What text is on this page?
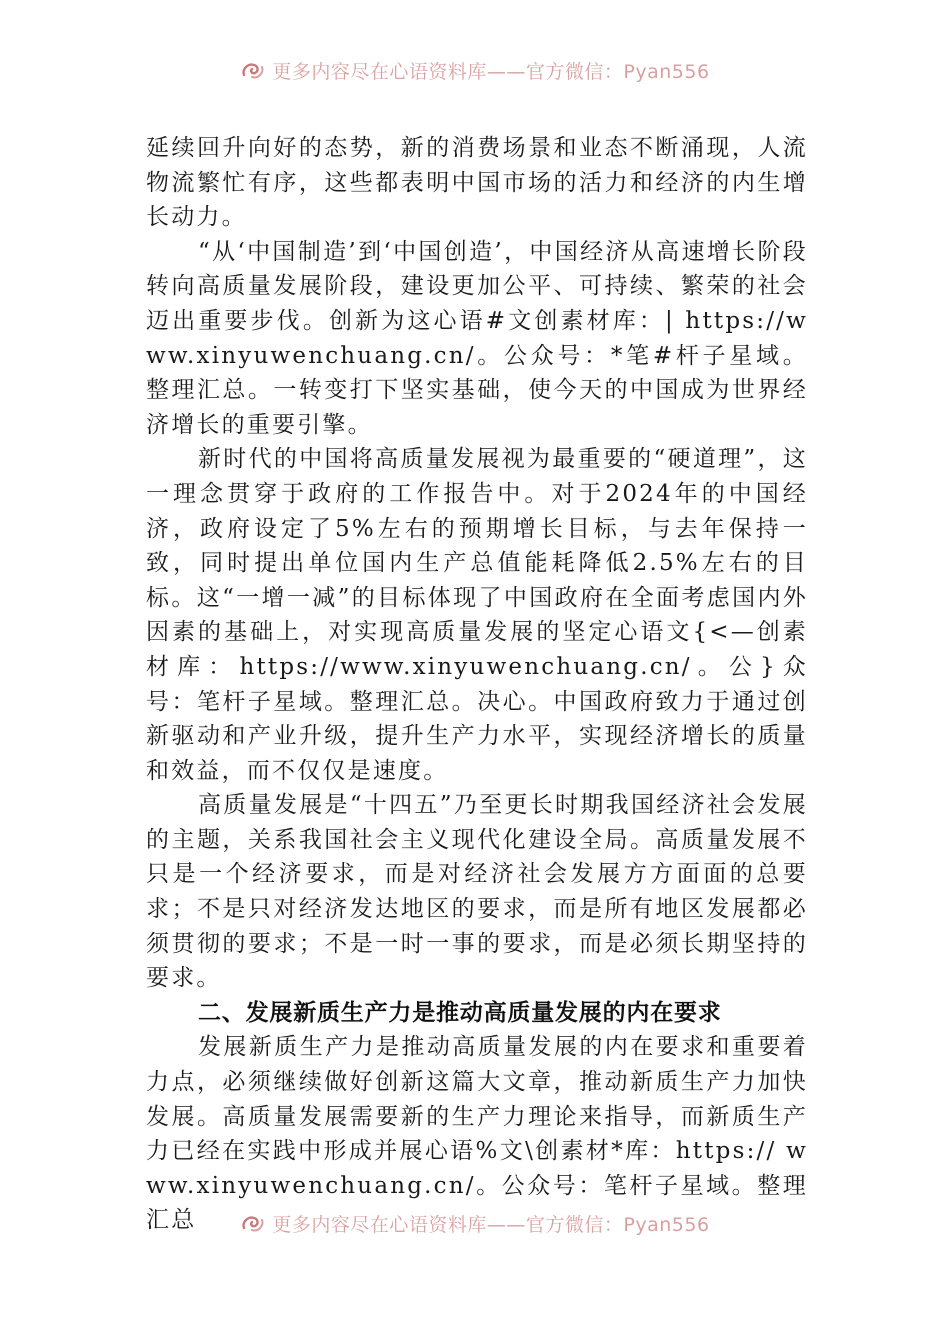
更多内容尽在心语资料库——官方微信：Pyan556

延续回升向好的态势，新的消费场景和业态不断涌现，人流物流繁忙有序，这些都表明中国市场的活力和经济的内生增长动力。

“从‘中国制造’到‘中国创造’，中国经济从高速增长阶段转向高质量发展阶段，建设更加公平、可持续、繁荣的社会迈出重要步伐。创新为这心语#文创素材库：| https://www.xinyuwenchuang.cn/。公众号：*笔#杆子星域。整理汇总。一转变打下坚实基础，使今天的中国成为世界经济增长的重要引擎。

新时代的中国将高质量发展视为最重要的“硬道理”，这一理念贯穿于政府的工作报告中。对于2024年的中国经济，政府设定了5%左右的预期增长目标，与去年保持一致，同时提出单位国内生产总值能耗降低2.5%左右的目标。这“一增一减”的目标体现了中国政府在全面考虑国内外因素的基础上，对实现高质量发展的坚定心语文{<—创素材库：https://www.xinyuwenchuang.cn/。公}众号：笔杆子星域。整理汇总。决心。中国政府致力于通过创新驱动和产业升级，提升生产力水平，实现经济增长的质量和效益，而不仅仅是速度。

高质量发展是“十四五”乃至更长时期我国经济社会发展的主题，关系我国社会主义现代化建设全局。高质量发展不只是一个经济要求，而是对经济社会发展方方面面的总要求；不是只对经济发达地区的要求，而是所有地区发展都必须贯彻的要求；不是一时一事的要求，而是必须长期坚持的要求。

二、发展新质生产力是推动高质量发展的内在要求

发展新质生产力是推动高质量发展的内在要求和重要着力点，必须继续做好创新这篇大文章，推动新质生产力加快发展。高质量发展需要新的生产力理论来指导，而新质生产力已经在实践中形成并展心语%文\创素材*库：https:// www.xinyuwenchuang.cn/。公众号：笔杆子星域。整理汇总	更多内容尽在心语资料库——官方微信：Pyan556
